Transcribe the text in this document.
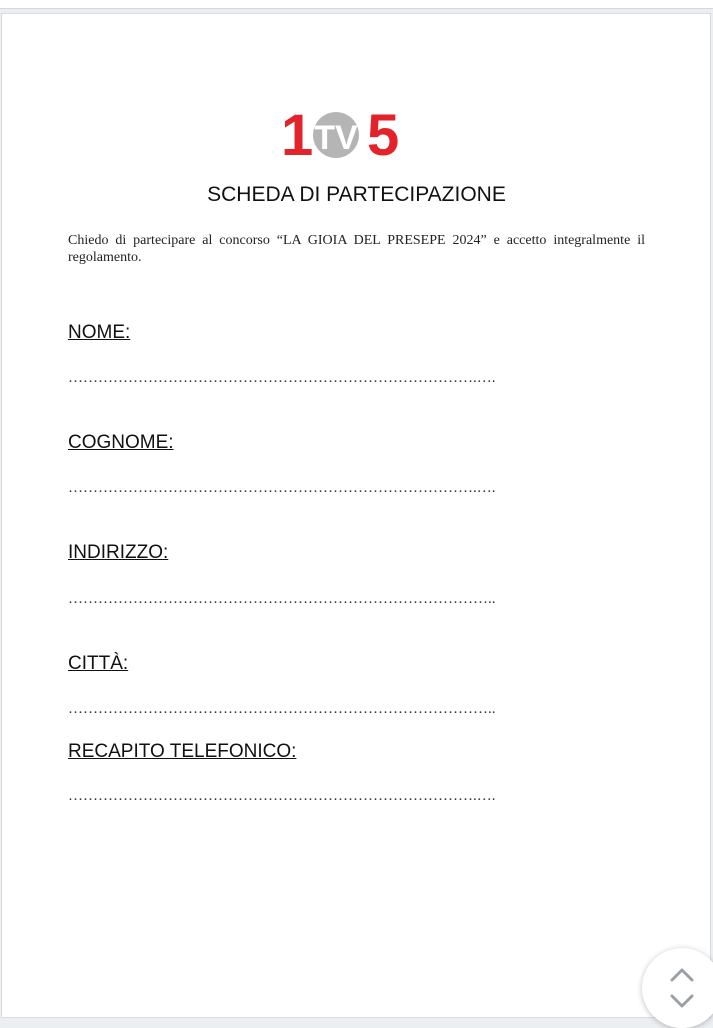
1 TV 5
SCHEDA DI PARTECIPAZIONE
Chiedo di partecipare al concorso “LA GIOIA DEL PRESEPE 2024” e accetto integralmente il regolamento.
NOME:
……………………………………………………………………….….
COGNOME:
……………………………………………………………………….….
INDIRIZZO:
…………………………………………………………………………..
CITTÀ:
…………………………………………………………………………..
RECAPITO TELEFONICO:
……………………………………………………………………….….
